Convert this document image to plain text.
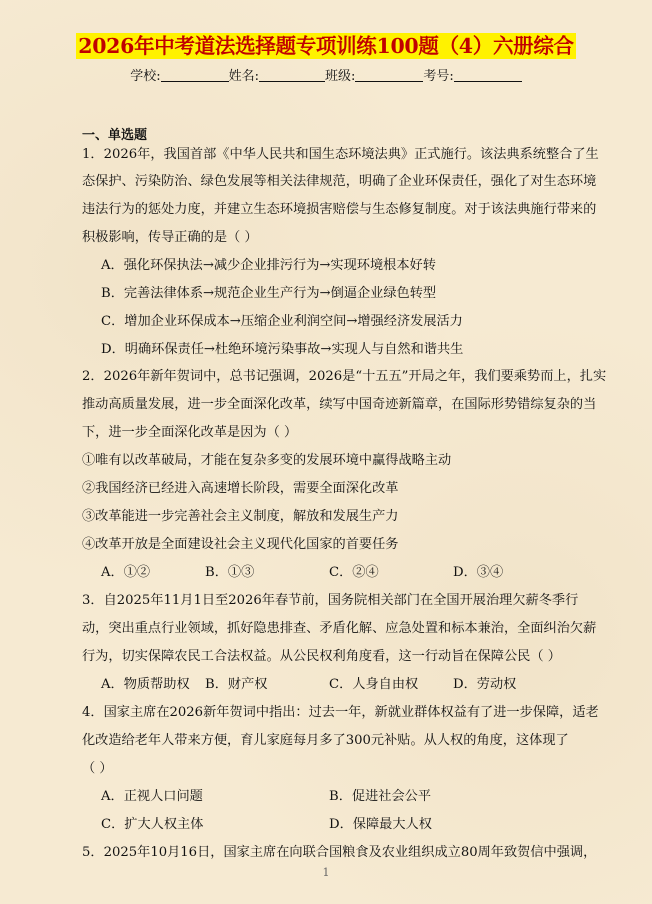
2026年中考道法选择题专项训练100题（4）六册综合
学校:	姓名:	班级:	考号:
一、单选题
1．2026年，我国首部《中华人民共和国生态环境法典》正式施行。该法典系统整合了生
态保护、污染防治、绿色发展等相关法律规范，明确了企业环保责任，强化了对生态环境
违法行为的惩处力度，并建立生态环境损害赔偿与生态修复制度。对于该法典施行带来的
积极影响，传导正确的是（ ）
A．强化环保执法→减少企业排污行为→实现环境根本好转
B．完善法律体系→规范企业生产行为→倒逼企业绿色转型
C．增加企业环保成本→压缩企业利润空间→增强经济发展活力
D．明确环保责任→杜绝环境污染事故→实现人与自然和谐共生
2．2026年新年贺词中，总书记强调，2026是“十五五”开局之年，我们要乘势而上，扎实
推动高质量发展，进一步全面深化改革，续写中国奇迹新篇章，在国际形势错综复杂的当
下，进一步全面深化改革是因为（ ）
①唯有以改革破局，才能在复杂多变的发展环境中赢得战略主动
②我国经济已经进入高速增长阶段，需要全面深化改革
③改革能进一步完善社会主义制度，解放和发展生产力
④改革开放是全面建设社会主义现代化国家的首要任务
A．①②	B．①③	C．②④	D．③④
3．自2025年11月1日至2026年春节前，国务院相关部门在全国开展治理欠薪冬季行
动，突出重点行业领域，抓好隐患排查、矛盾化解、应急处置和标本兼治，全面纠治欠薪
行为，切实保障农民工合法权益。从公民权利角度看，这一行动旨在保障公民（ ）
A．物质帮助权 B．财产权	C．人身自由权	D．劳动权
4．国家主席在2026新年贺词中指出：过去一年，新就业群体权益有了进一步保障，适老
化改造给老年人带来方便，育儿家庭每月多了300元补贴。从人权的角度，这体现了
（ ）
A．正视人口问题	B．促进社会公平
C．扩大人权主体	D．保障最大人权
5．2025年10月16日，国家主席在向联合国粮食及农业组织成立80周年致贺信中强调，
1
